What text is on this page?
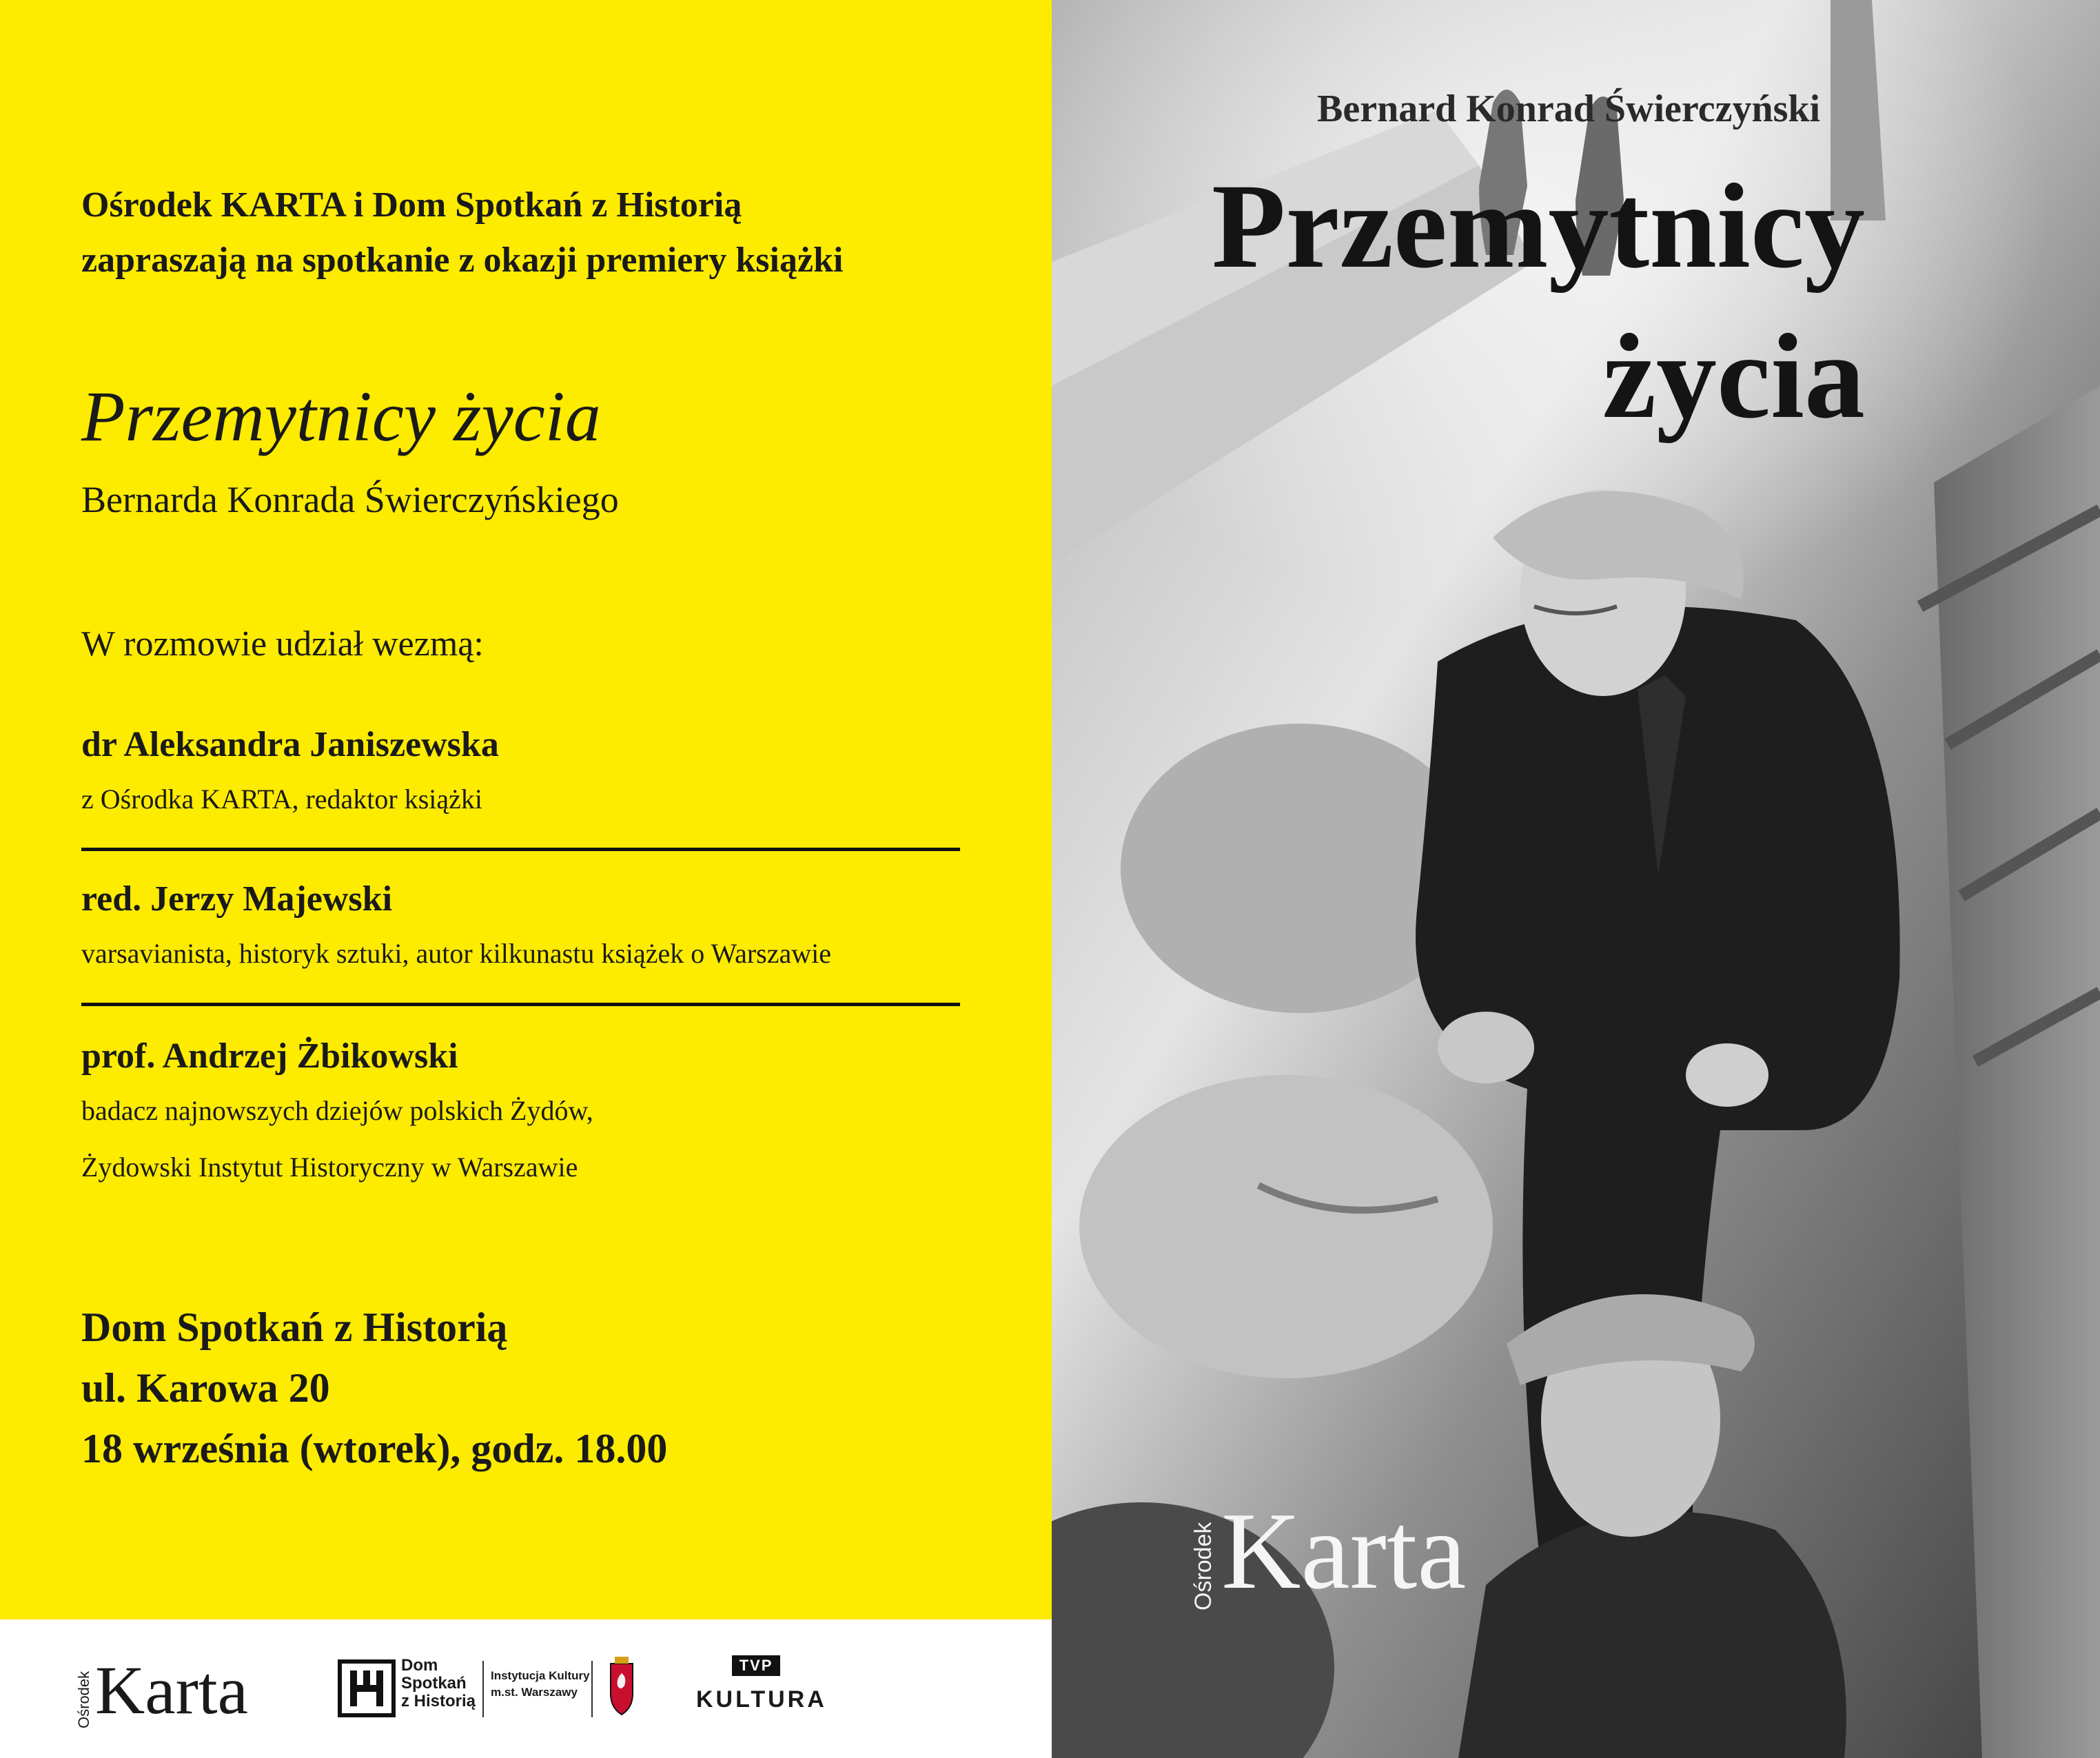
Ośrodek KARTA i Dom Spotkań z Historią
zapraszają na spotkanie z okazji premiery książki
Przemytnicy życia
Bernarda Konrada Świerczyńskiego
W rozmowie udział wezmą:
dr Aleksandra Janiszewska
z Ośrodka KARTA, redaktor książki
red. Jerzy Majewski
varsavianista, historyk sztuki, autor kilkunastu książek o Warszawie
prof. Andrzej Żbikowski
badacz najnowszych dziejów polskich Żydów,
Żydowski Instytut Historyczny w Warszawie
Dom Spotkań z Historią
ul. Karowa 20
18 września (wtorek), godz. 18.00
Ośrodek Karta	Dom
Spotkań
z Historią
Instytucja Kultury
m.st. Warszawy
TVP
KULTURA
Bernard Konrad Świerczyński
Przemytnicy
życia
Ośrodek Karta
